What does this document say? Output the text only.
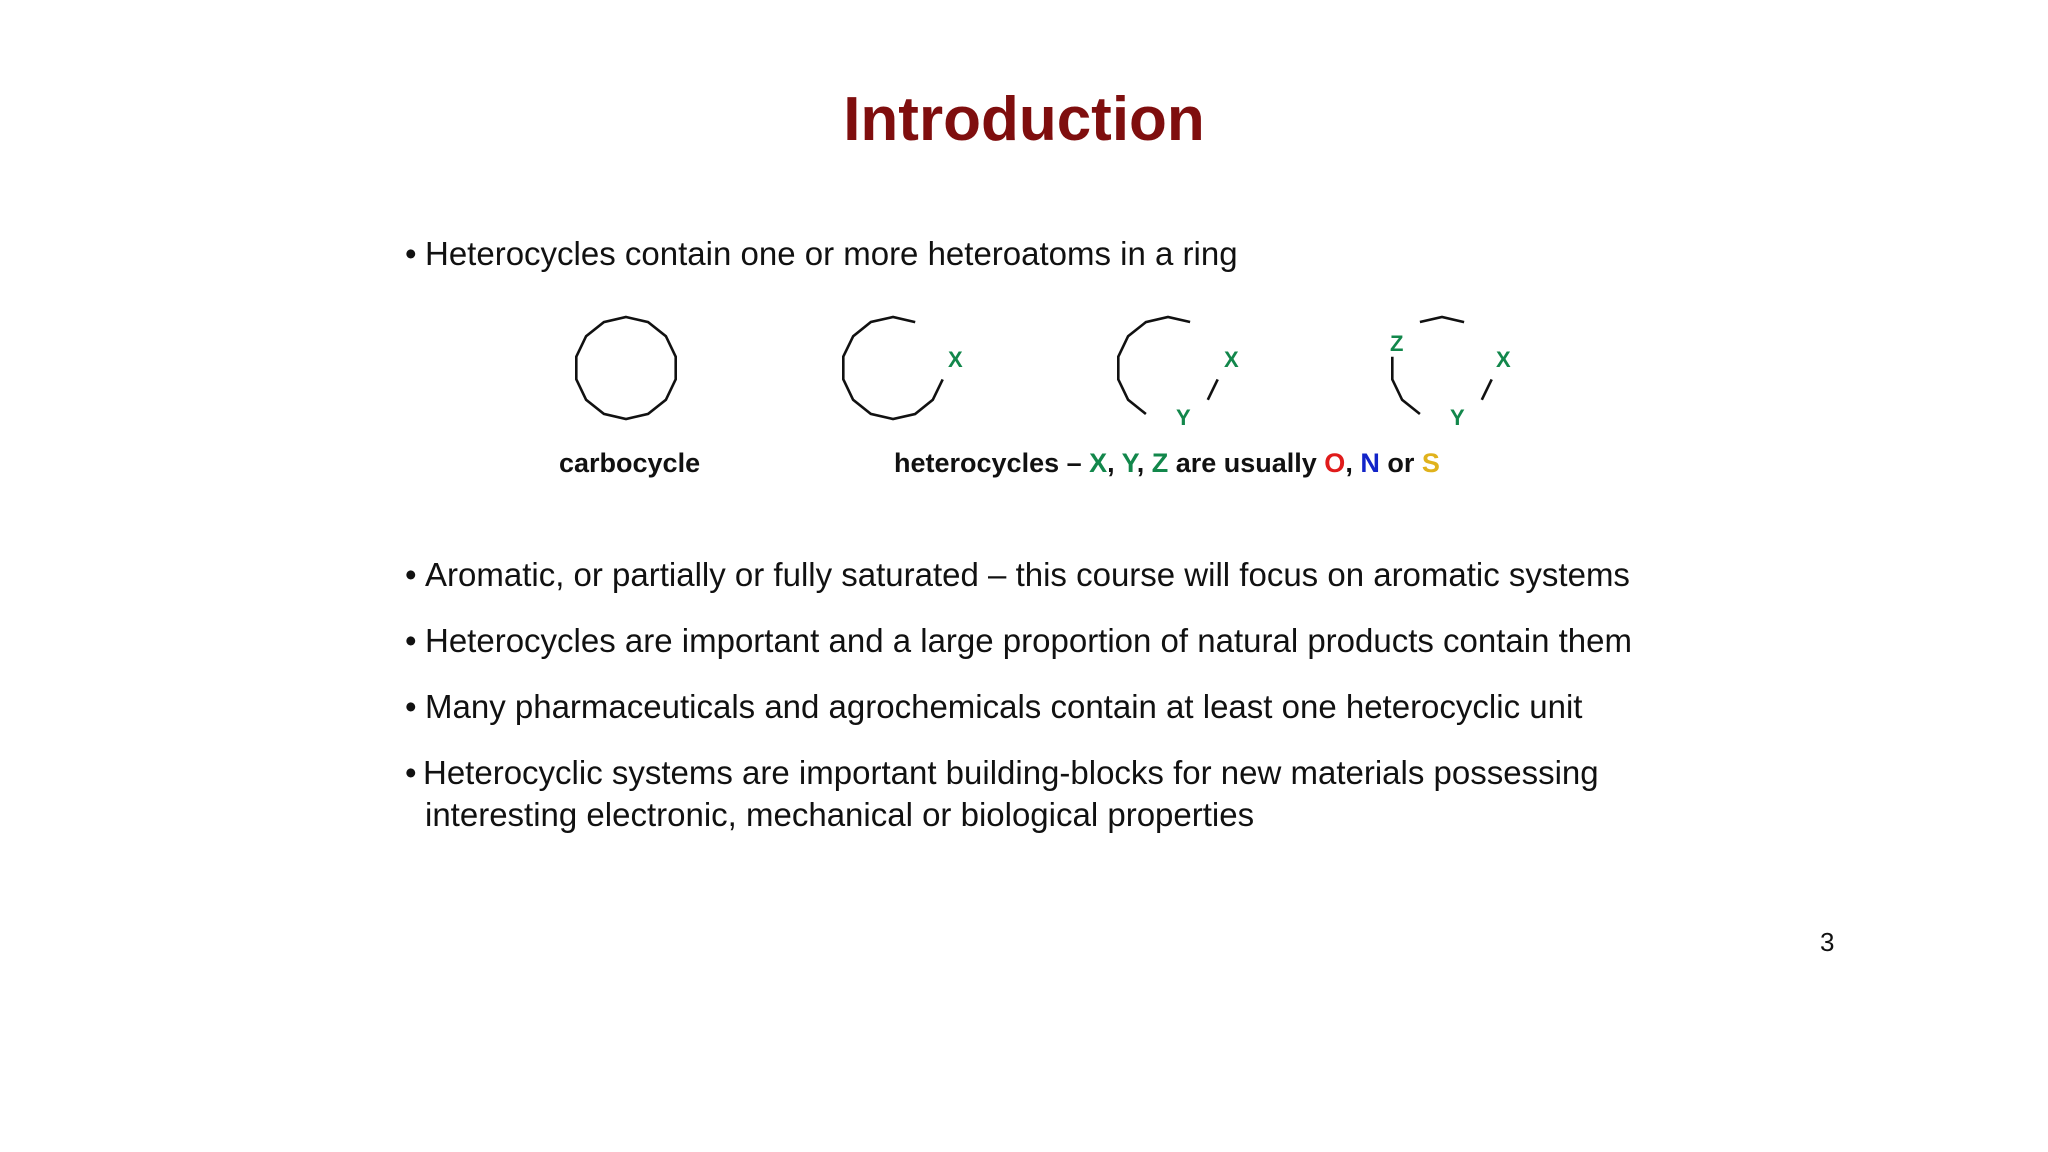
Introduction
• Heterocycles contain one or more heteroatoms in a ring
X	X
Y
X
Y
Z
carbocycle	heterocycles – X, Y, Z are usually O, N or S
• Aromatic, or partially or fully saturated – this course will focus on aromatic systems
• Heterocycles are important and a large proportion of natural products contain them
• Many pharmaceuticals and agrochemicals contain at least one heterocyclic unit
• Heterocyclic systems are important building-blocks for new materials possessing
interesting electronic, mechanical or biological properties
3
